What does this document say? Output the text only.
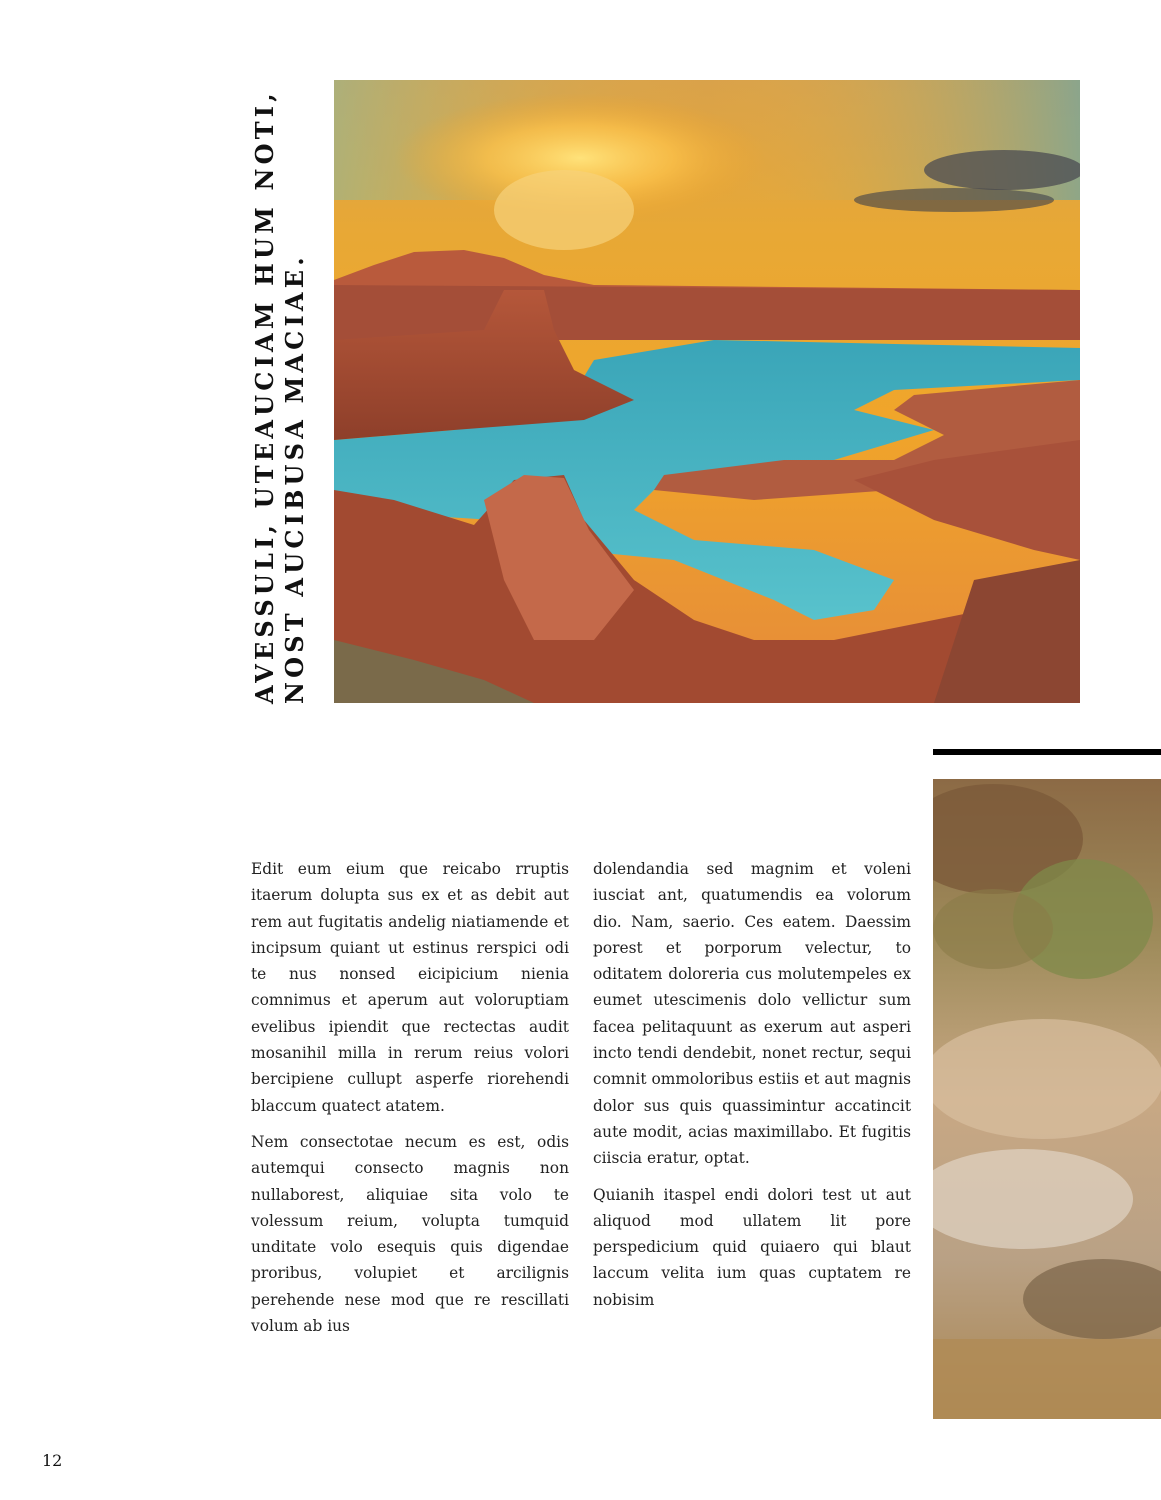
AVESSULI, UTEAUCIAM HUM NOTI, NOST AUCIBUSA MACIAE.

Edit eum eium que reicabo rruptis itaerum dolupta sus ex et as debit aut rem aut fugitatis andelig niatiamende et incipsum quiant ut estinus rerspici odi te nus nonsed eicipicium nienia comnimus et aperum aut voloruptiam evelibus ipiendit que rectectas audit mosanihil milla in rerum reius volori bercipiene cullupt asperfe riorehendi blaccum quatect atatem.

Nem consectotae necum es est, odis autemqui consecto magnis non nullaborest, aliquiae sita volo te volessum reium, volupta tumquid unditate volo esequis quis digendae proribus, volupiet et arcilignis perehende nese mod que re rescillati volum ab ius

dolendandia sed magnim et voleni iusciat ant, quatumendis ea volorum dio. Nam, saerio. Ces eatem. Daessim porest et porporum velectur, to oditatem doloreria cus molutempeles ex eumet utescimenis dolo vellictur sum facea pelitaquunt as exerum aut asperi incto tendi dendebit, nonet rectur, sequi comnit ommoloribus estiis et aut magnis dolor sus quis quassimintur accatincit aute modit, acias maximillabo. Et fugitis ciiscia eratur, optat.

Quianih itaspel endi dolori test ut aut aliquod mod ullatem lit pore perspedicium quid quiaero qui blaut laccum velita ium quas cuptatem re nobisim

12
